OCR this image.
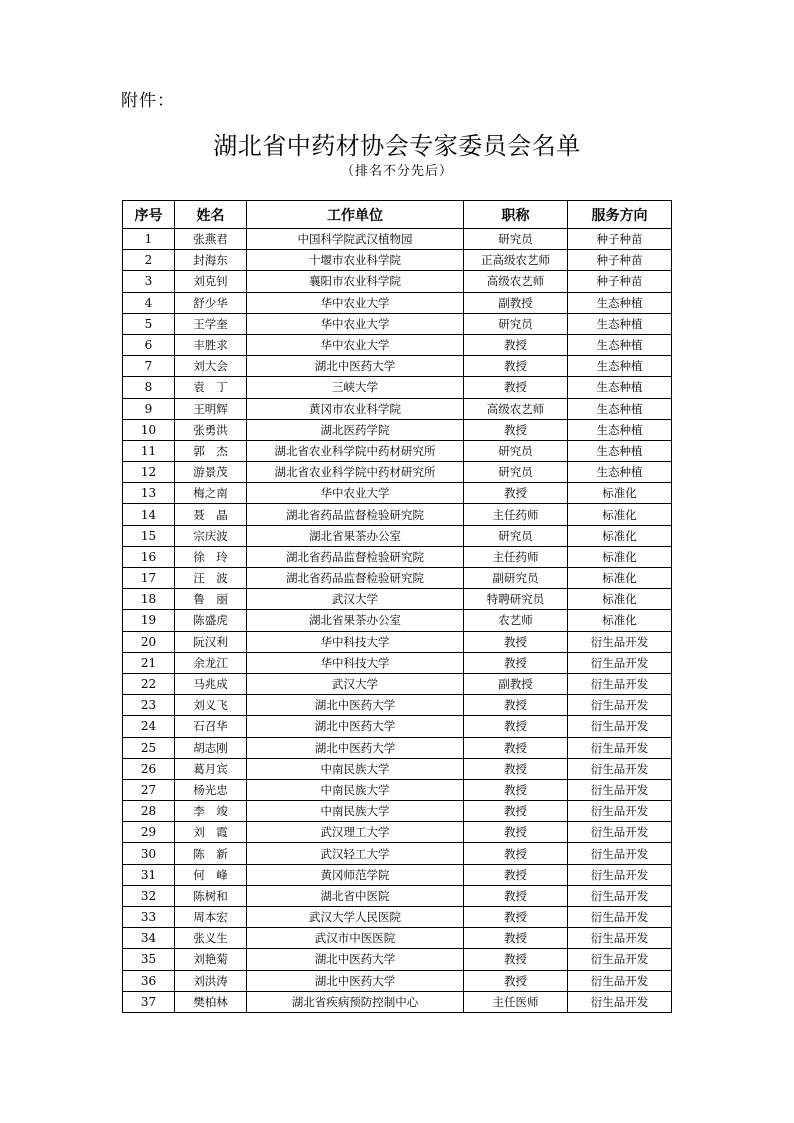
附件：
湖北省中药材协会专家委员会名单
（排名不分先后）
序号	姓名	工作单位	职称	服务方向
1	张燕君	中国科学院武汉植物园	研究员	种子种苗
2	封海东	十堰市农业科学院	正高级农艺师	种子种苗
3	刘克钊	襄阳市农业科学院	高级农艺师	种子种苗
4	舒少华	华中农业大学	副教授	生态种植
5	王学奎	华中农业大学	研究员	生态种植
6	丰胜求	华中农业大学	教授	生态种植
7	刘大会	湖北中医药大学	教授	生态种植
8	袁　丁	三峡大学	教授	生态种植
9	王明辉	黄冈市农业科学院	高级农艺师	生态种植
10	张勇洪	湖北医药学院	教授	生态种植
11	郭　杰	湖北省农业科学院中药材研究所	研究员	生态种植
12	游景茂	湖北省农业科学院中药材研究所	研究员	生态种植
13	梅之南	华中农业大学	教授	标准化
14	聂　晶	湖北省药品监督检验研究院	主任药师	标准化
15	宗庆波	湖北省果茶办公室	研究员	标准化
16	徐　玲	湖北省药品监督检验研究院	主任药师	标准化
17	汪　波	湖北省药品监督检验研究院	副研究员	标准化
18	鲁　丽	武汉大学	特聘研究员	标准化
19	陈盛虎	湖北省果茶办公室	农艺师	标准化
20	阮汉利	华中科技大学	教授	衍生品开发
21	余龙江	华中科技大学	教授	衍生品开发
22	马兆成	武汉大学	副教授	衍生品开发
23	刘义飞	湖北中医药大学	教授	衍生品开发
24	石召华	湖北中医药大学	教授	衍生品开发
25	胡志刚	湖北中医药大学	教授	衍生品开发
26	葛月宾	中南民族大学	教授	衍生品开发
27	杨光忠	中南民族大学	教授	衍生品开发
28	李　竣	中南民族大学	教授	衍生品开发
29	刘　霞	武汉理工大学	教授	衍生品开发
30	陈　新	武汉轻工大学	教授	衍生品开发
31	何　峰	黄冈师范学院	教授	衍生品开发
32	陈树和	湖北省中医院	教授	衍生品开发
33	周本宏	武汉大学人民医院	教授	衍生品开发
34	张义生	武汉市中医医院	教授	衍生品开发
35	刘艳菊	湖北中医药大学	教授	衍生品开发
36	刘洪涛	湖北中医药大学	教授	衍生品开发
37	樊柏林	湖北省疾病预防控制中心	主任医师	衍生品开发
